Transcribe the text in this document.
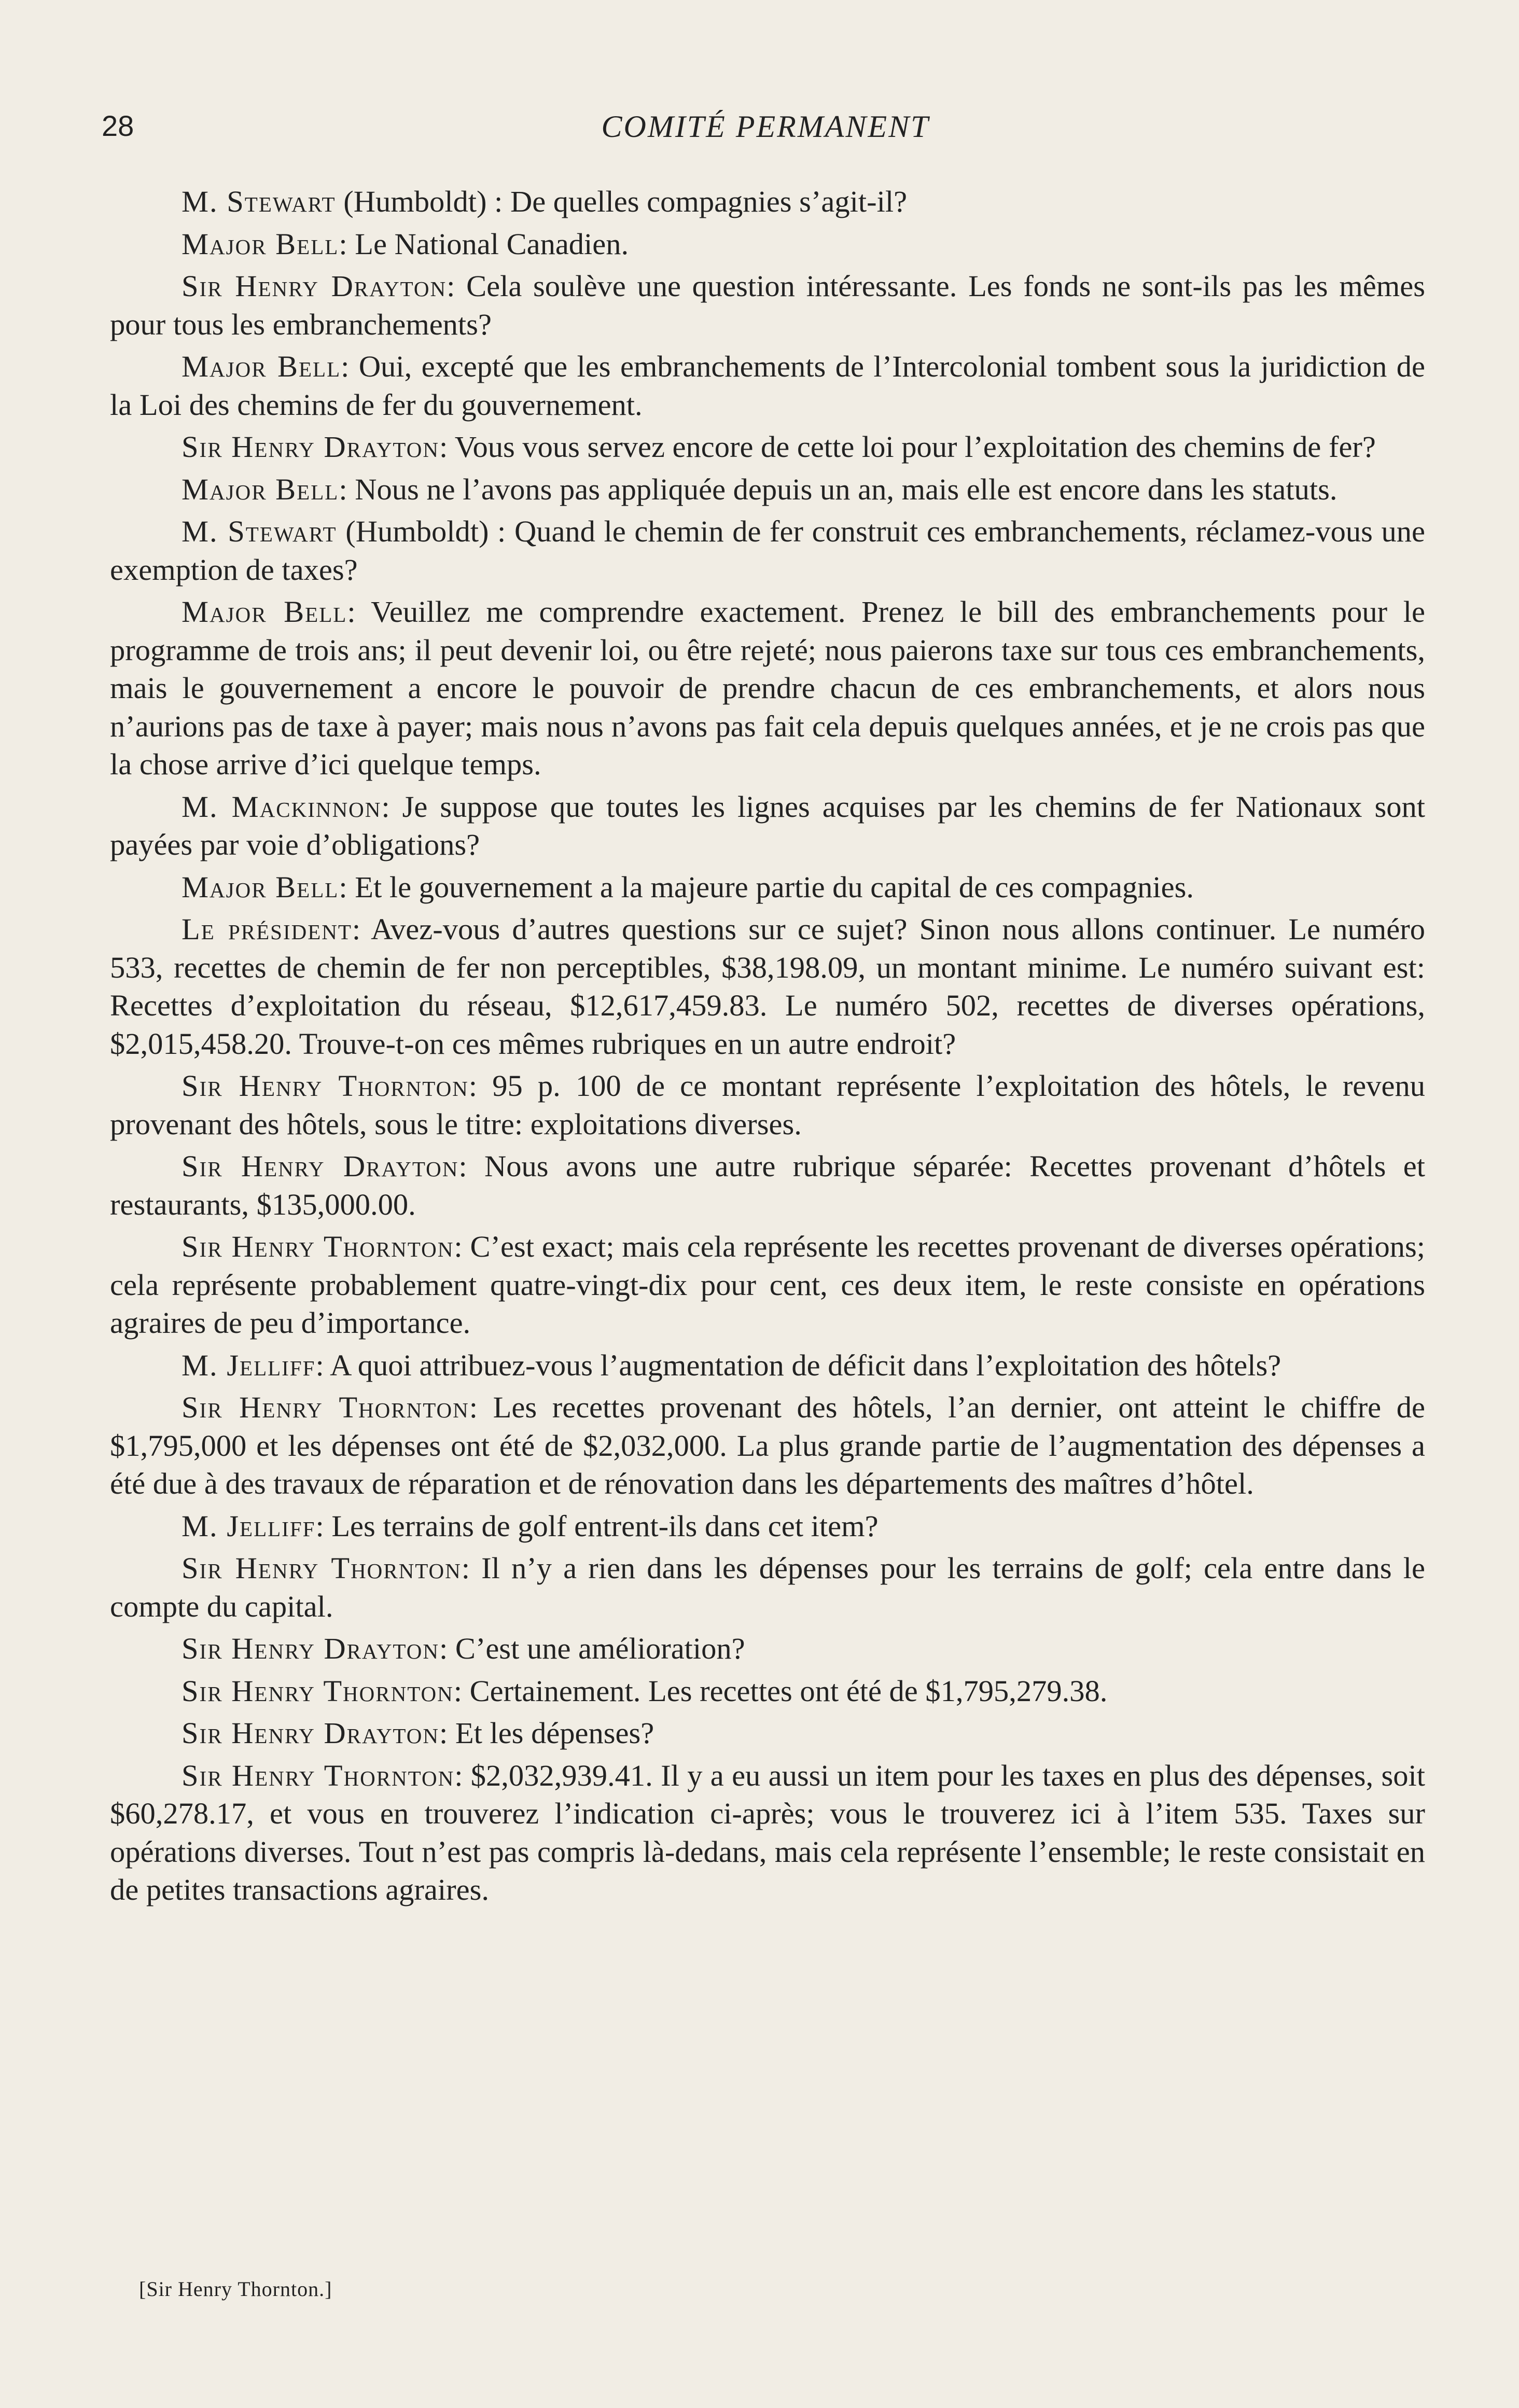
28	COMITÉ PERMANENT

M. Stewart (Humboldt) : De quelles compagnies s’agit-il?

Major Bell: Le National Canadien.

Sir Henry Drayton: Cela soulève une question intéressante. Les fonds ne sont-ils pas les mêmes pour tous les embranchements?

Major Bell: Oui, excepté que les embranchements de l’Intercolonial tombent sous la juridiction de la Loi des chemins de fer du gouvernement.

Sir Henry Drayton: Vous vous servez encore de cette loi pour l’exploitation des chemins de fer?

Major Bell: Nous ne l’avons pas appliquée depuis un an, mais elle est encore dans les statuts.

M. Stewart (Humboldt) : Quand le chemin de fer construit ces embranchements, réclamez-vous une exemption de taxes?

Major Bell: Veuillez me comprendre exactement. Prenez le bill des embranchements pour le programme de trois ans; il peut devenir loi, ou être rejeté; nous paierons taxe sur tous ces embranchements, mais le gouvernement a encore le pouvoir de prendre chacun de ces embranchements, et alors nous n’aurions pas de taxe à payer; mais nous n’avons pas fait cela depuis quelques années, et je ne crois pas que la chose arrive d’ici quelque temps.

M. Mackinnon: Je suppose que toutes les lignes acquises par les chemins de fer Nationaux sont payées par voie d’obligations?

Major Bell: Et le gouvernement a la majeure partie du capital de ces compagnies.

Le président: Avez-vous d’autres questions sur ce sujet? Sinon nous allons continuer. Le numéro 533, recettes de chemin de fer non perceptibles, $38,198.09, un montant minime. Le numéro suivant est: Recettes d’exploitation du réseau, $12,617,459.83. Le numéro 502, recettes de diverses opérations, $2,015,458.20. Trouve-t-on ces mêmes rubriques en un autre endroit?

Sir Henry Thornton: 95 p. 100 de ce montant représente l’exploitation des hôtels, le revenu provenant des hôtels, sous le titre: exploitations diverses.

Sir Henry Drayton: Nous avons une autre rubrique séparée: Recettes provenant d’hôtels et restaurants, $135,000.00.

Sir Henry Thornton: C’est exact; mais cela représente les recettes provenant de diverses opérations; cela représente probablement quatre-vingt-dix pour cent, ces deux item, le reste consiste en opérations agraires de peu d’importance.

M. Jelliff: A quoi attribuez-vous l’augmentation de déficit dans l’exploitation des hôtels?

Sir Henry Thornton: Les recettes provenant des hôtels, l’an dernier, ont atteint le chiffre de $1,795,000 et les dépenses ont été de $2,032,000. La plus grande partie de l’augmentation des dépenses a été due à des travaux de réparation et de rénovation dans les départements des maîtres d’hôtel.

M. Jelliff: Les terrains de golf entrent-ils dans cet item?

Sir Henry Thornton: Il n’y a rien dans les dépenses pour les terrains de golf; cela entre dans le compte du capital.

Sir Henry Drayton: C’est une amélioration?

Sir Henry Thornton: Certainement. Les recettes ont été de $1,795,279.38.

Sir Henry Drayton: Et les dépenses?

Sir Henry Thornton: $2,032,939.41. Il y a eu aussi un item pour les taxes en plus des dépenses, soit $60,278.17, et vous en trouverez l’indication ci-après; vous le trouverez ici à l’item 535. Taxes sur opérations diverses. Tout n’est pas compris là-dedans, mais cela représente l’ensemble; le reste consistait en de petites transactions agraires.

[Sir Henry Thornton.]
